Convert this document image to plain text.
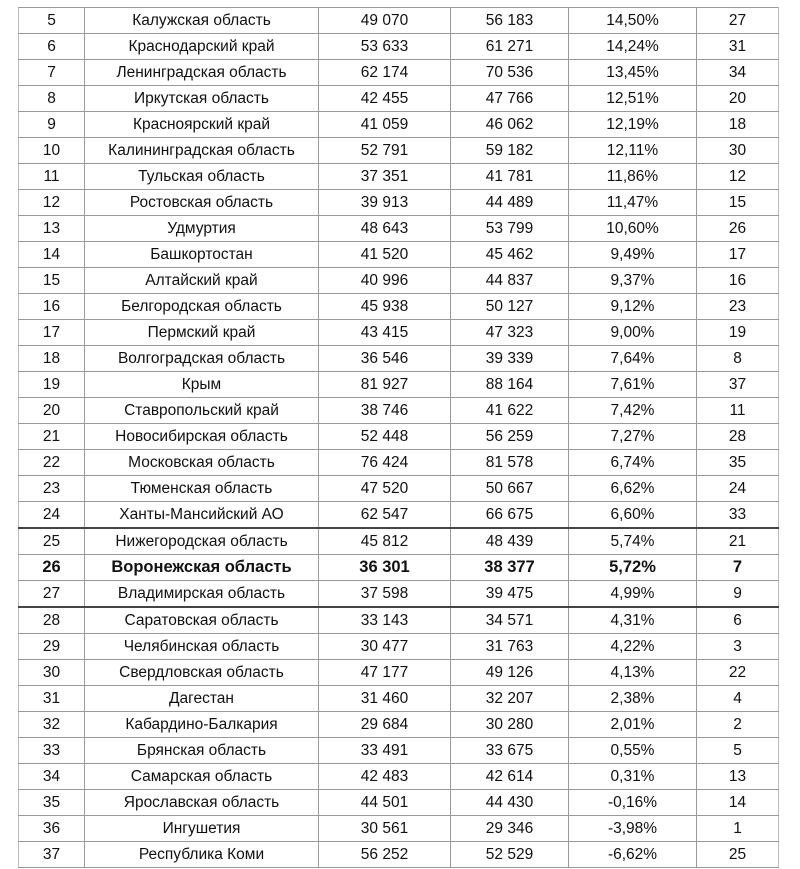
5	Калужская область	49 070	56 183	14,50%	27
6	Краснодарский край	53 633	61 271	14,24%	31
7	Ленинградская область	62 174	70 536	13,45%	34
8	Иркутская область	42 455	47 766	12,51%	20
9	Красноярский край	41 059	46 062	12,19%	18
10	Калининградская область	52 791	59 182	12,11%	30
11	Тульская область	37 351	41 781	11,86%	12
12	Ростовская область	39 913	44 489	11,47%	15
13	Удмуртия	48 643	53 799	10,60%	26
14	Башкортостан	41 520	45 462	9,49%	17
15	Алтайский край	40 996	44 837	9,37%	16
16	Белгородская область	45 938	50 127	9,12%	23
17	Пермский край	43 415	47 323	9,00%	19
18	Волгоградская область	36 546	39 339	7,64%	8
19	Крым	81 927	88 164	7,61%	37
20	Ставропольский край	38 746	41 622	7,42%	11
21	Новосибирская область	52 448	56 259	7,27%	28
22	Московская область	76 424	81 578	6,74%	35
23	Тюменская область	47 520	50 667	6,62%	24
24	Ханты-Мансийский АО	62 547	66 675	6,60%	33
25	Нижегородская область	45 812	48 439	5,74%	21
26	Воронежская область	36 301	38 377	5,72%	7
27	Владимирская область	37 598	39 475	4,99%	9
28	Саратовская область	33 143	34 571	4,31%	6
29	Челябинская область	30 477	31 763	4,22%	3
30	Свердловская область	47 177	49 126	4,13%	22
31	Дагестан	31 460	32 207	2,38%	4
32	Кабардино-Балкария	29 684	30 280	2,01%	2
33	Брянская область	33 491	33 675	0,55%	5
34	Самарская область	42 483	42 614	0,31%	13
35	Ярославская область	44 501	44 430	-0,16%	14
36	Ингушетия	30 561	29 346	-3,98%	1
37	Республика Коми	56 252	52 529	-6,62%	25
